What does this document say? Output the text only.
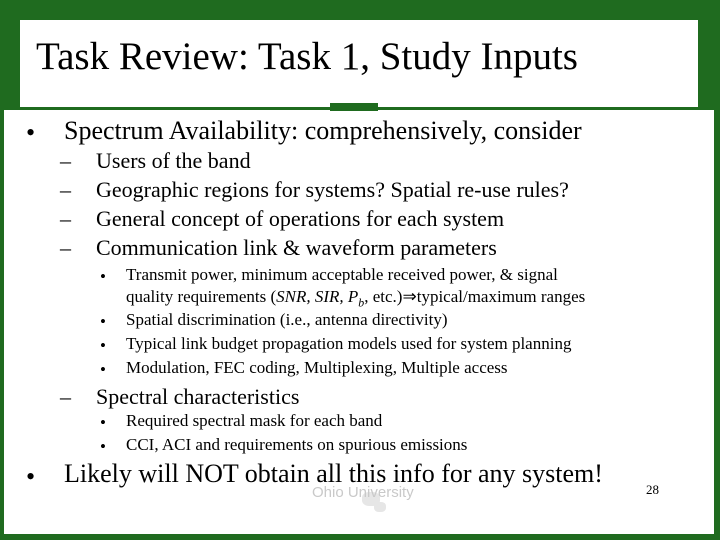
Task Review: Task 1, Study Inputs
• Spectrum Availability: comprehensively, consider
– Users of the band
– Geographic regions for systems? Spatial re-use rules?
– General concept of operations for each system
– Communication link & waveform parameters
• Transmit power, minimum acceptable received power, & signal
quality requirements (SNR, SIR, $P_b$, etc.)⇒typical/maximum ranges
• Spatial discrimination (i.e., antenna directivity)
• Typical link budget propagation models used for system planning
• Modulation, FEC coding, Multiplexing, Multiple access
– Spectral characteristics
• Required spectral mask for each band
• CCI, ACI and requirements on spurious emissions
Ohio University
• Likely will NOT obtain all this info for any system!
28
